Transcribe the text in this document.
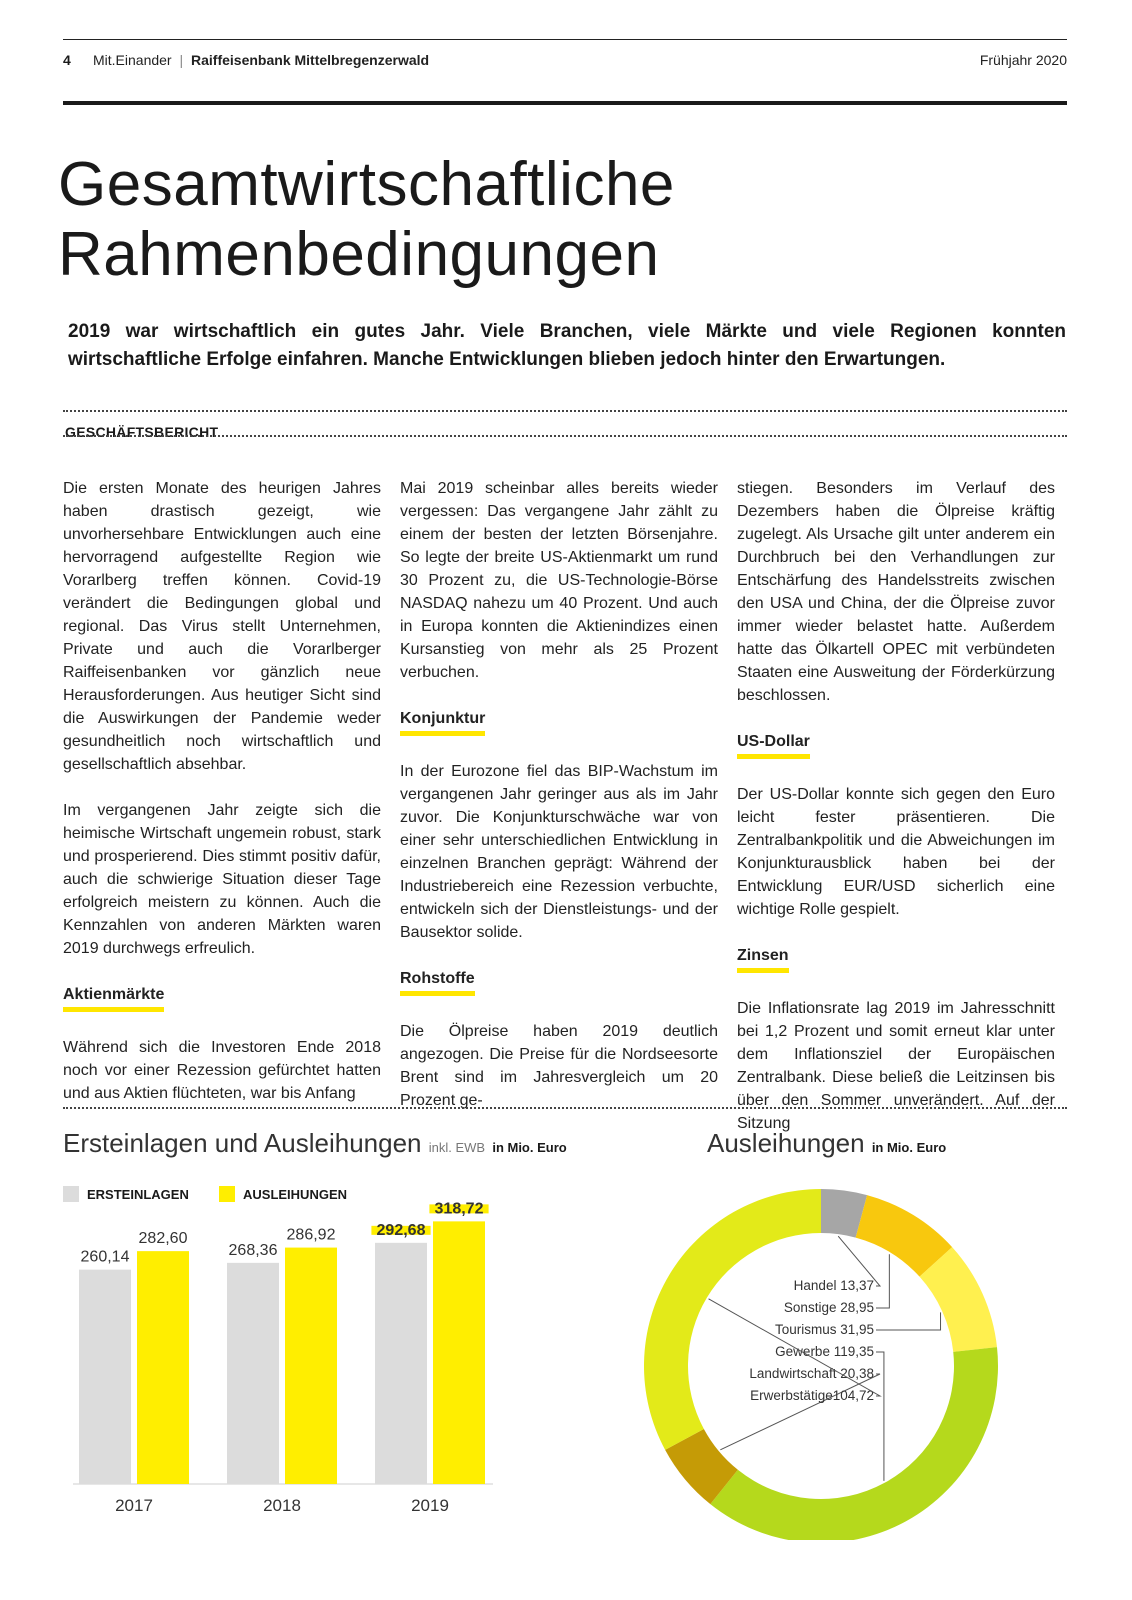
4 Mit.Einander | Raiffeisenbank Mittelbregenzerwald	Frühjahr 2020
Gesamtwirtschaftliche
Rahmenbedingungen

2019 war wirtschaftlich ein gutes Jahr. Viele Branchen, viele Märkte und viele Regionen konnten wirtschaftliche Erfolge einfahren. Manche Entwicklungen blieben jedoch hinter den Erwartungen.

GESCHÄFTSBERICHT

Die ersten Monate des heurigen Jahres haben drastisch gezeigt, wie unvorhersehbare Entwicklungen auch eine hervorragend aufgestellte Region wie Vorarlberg treffen können. Covid-19 verändert die Bedingungen global und regional. Das Virus stellt Unternehmen, Private und auch die Vorarlberger Raiffeisenbanken vor gänzlich neue Herausforderungen. Aus heutiger Sicht sind die Auswirkungen der Pandemie weder gesundheitlich noch wirtschaftlich und gesellschaftlich absehbar.

Im vergangenen Jahr zeigte sich die heimische Wirtschaft ungemein robust, stark und prosperierend. Dies stimmt positiv dafür, auch die schwierige Situation dieser Tage erfolgreich meistern zu können. Auch die Kennzahlen von anderen Märkten waren 2019 durchwegs erfreulich.

Aktienmärkte

Während sich die Investoren Ende 2018 noch vor einer Rezession gefürchtet hatten und aus Aktien flüchteten, war bis Anfang

Mai 2019 scheinbar alles bereits wieder vergessen: Das vergangene Jahr zählt zu einem der besten der letzten Börsenjahre. So legte der breite US-Aktienmarkt um rund 30 Prozent zu, die US-Technologie-Börse NASDAQ nahezu um 40 Prozent. Und auch in Europa konnten die Aktienindizes einen Kursanstieg von mehr als 25 Prozent verbuchen.

Konjunktur

In der Eurozone fiel das BIP-Wachstum im vergangenen Jahr geringer aus als im Jahr zuvor. Die Konjunkturschwäche war von einer sehr unterschiedlichen Entwicklung in einzelnen Branchen geprägt: Während der Industriebereich eine Rezession verbuchte, entwickeln sich der Dienstleistungs- und der Bausektor solide.

Rohstoffe

Die Ölpreise haben 2019 deutlich angezogen. Die Preise für die Nordseesorte Brent sind im Jahresvergleich um 20 Prozent ge-

stiegen. Besonders im Verlauf des Dezembers haben die Ölpreise kräftig zugelegt. Als Ursache gilt unter anderem ein Durchbruch bei den Verhandlungen zur Entschärfung des Handelsstreits zwischen den USA und China, der die Ölpreise zuvor immer wieder belastet hatte. Außerdem hatte das Ölkartell OPEC mit verbündeten Staaten eine Ausweitung der Förderkürzung beschlossen.

US-Dollar

Der US-Dollar konnte sich gegen den Euro leicht fester präsentieren. Die Zentralbankpolitik und die Abweichungen im Konjunkturausblick haben bei der Entwicklung EUR/USD sicherlich eine wichtige Rolle gespielt.

Zinsen

Die Inflationsrate lag 2019 im Jahresschnitt bei 1,2 Prozent und somit erneut klar unter dem Inflationsziel der Europäischen Zentralbank. Diese beließ die Leitzinsen bis über den Sommer unverändert. Auf der Sitzung

Ersteinlagen und Ausleihungen inkl. EWB in Mio. Euro	Ausleihungen in Mio. Euro
ERSTEINLAGEN	AUSLEIHUNGEN
260,14
282,60
2017
268,36
286,92
2018
292,68
318,72
2019
Handel 13,37
Sonstige 28,95
Tourismus 31,95
Gewerbe 119,35
Landwirtschaft 20,38
Erwerbstätige104,72
